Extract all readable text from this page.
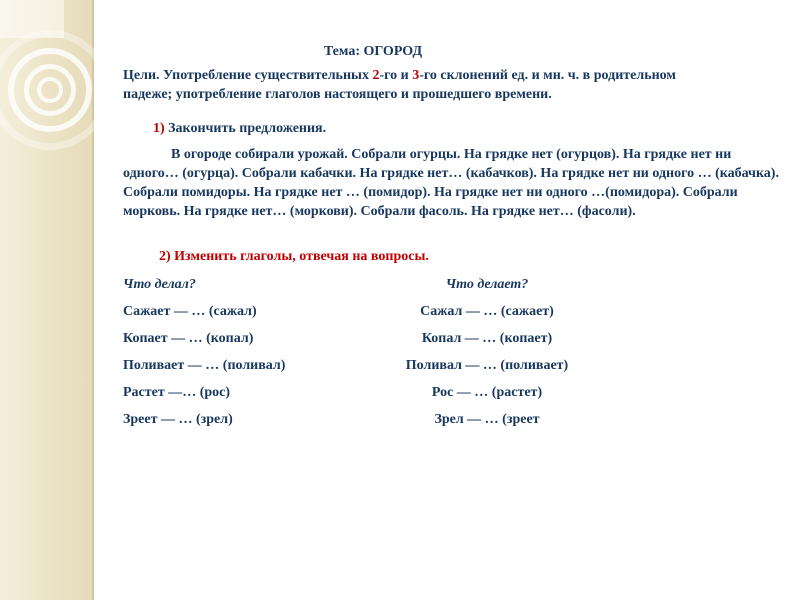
Тема: ОГОРОД

Цели. Употребление существительных 2-го и 3-го склонений ед. и мн. ч. в родительном падеже; употребление глаголов настоящего и прошедшего времени.

1) Закончить предложения.

В огороде собирали урожай. Собрали огурцы. На грядке нет (огурцов). На грядке нет ни одного… (огурца). Собрали кабачки. На грядке нет… (кабачков). На грядке нет ни одного … (кабачка). Собрали помидоры. На грядке нет … (помидор). На грядке нет ни одного …(помидора). Собрали морковь. На грядке нет… (моркови). Собрали фасоль. На грядке нет… (фасоли).

2) Изменить глаголы, отвечая на вопросы.

Что делал?	Что делает?
Сажает — … (сажал)	Сажал — … (сажает)
Копает — … (копал)	Копал — … (копает)
Поливает — … (поливал)	Поливал — … (поливает)
Растет —… (рос)	Рос — … (растет)
Зреет — … (зрел)	Зрел — … (зреет
